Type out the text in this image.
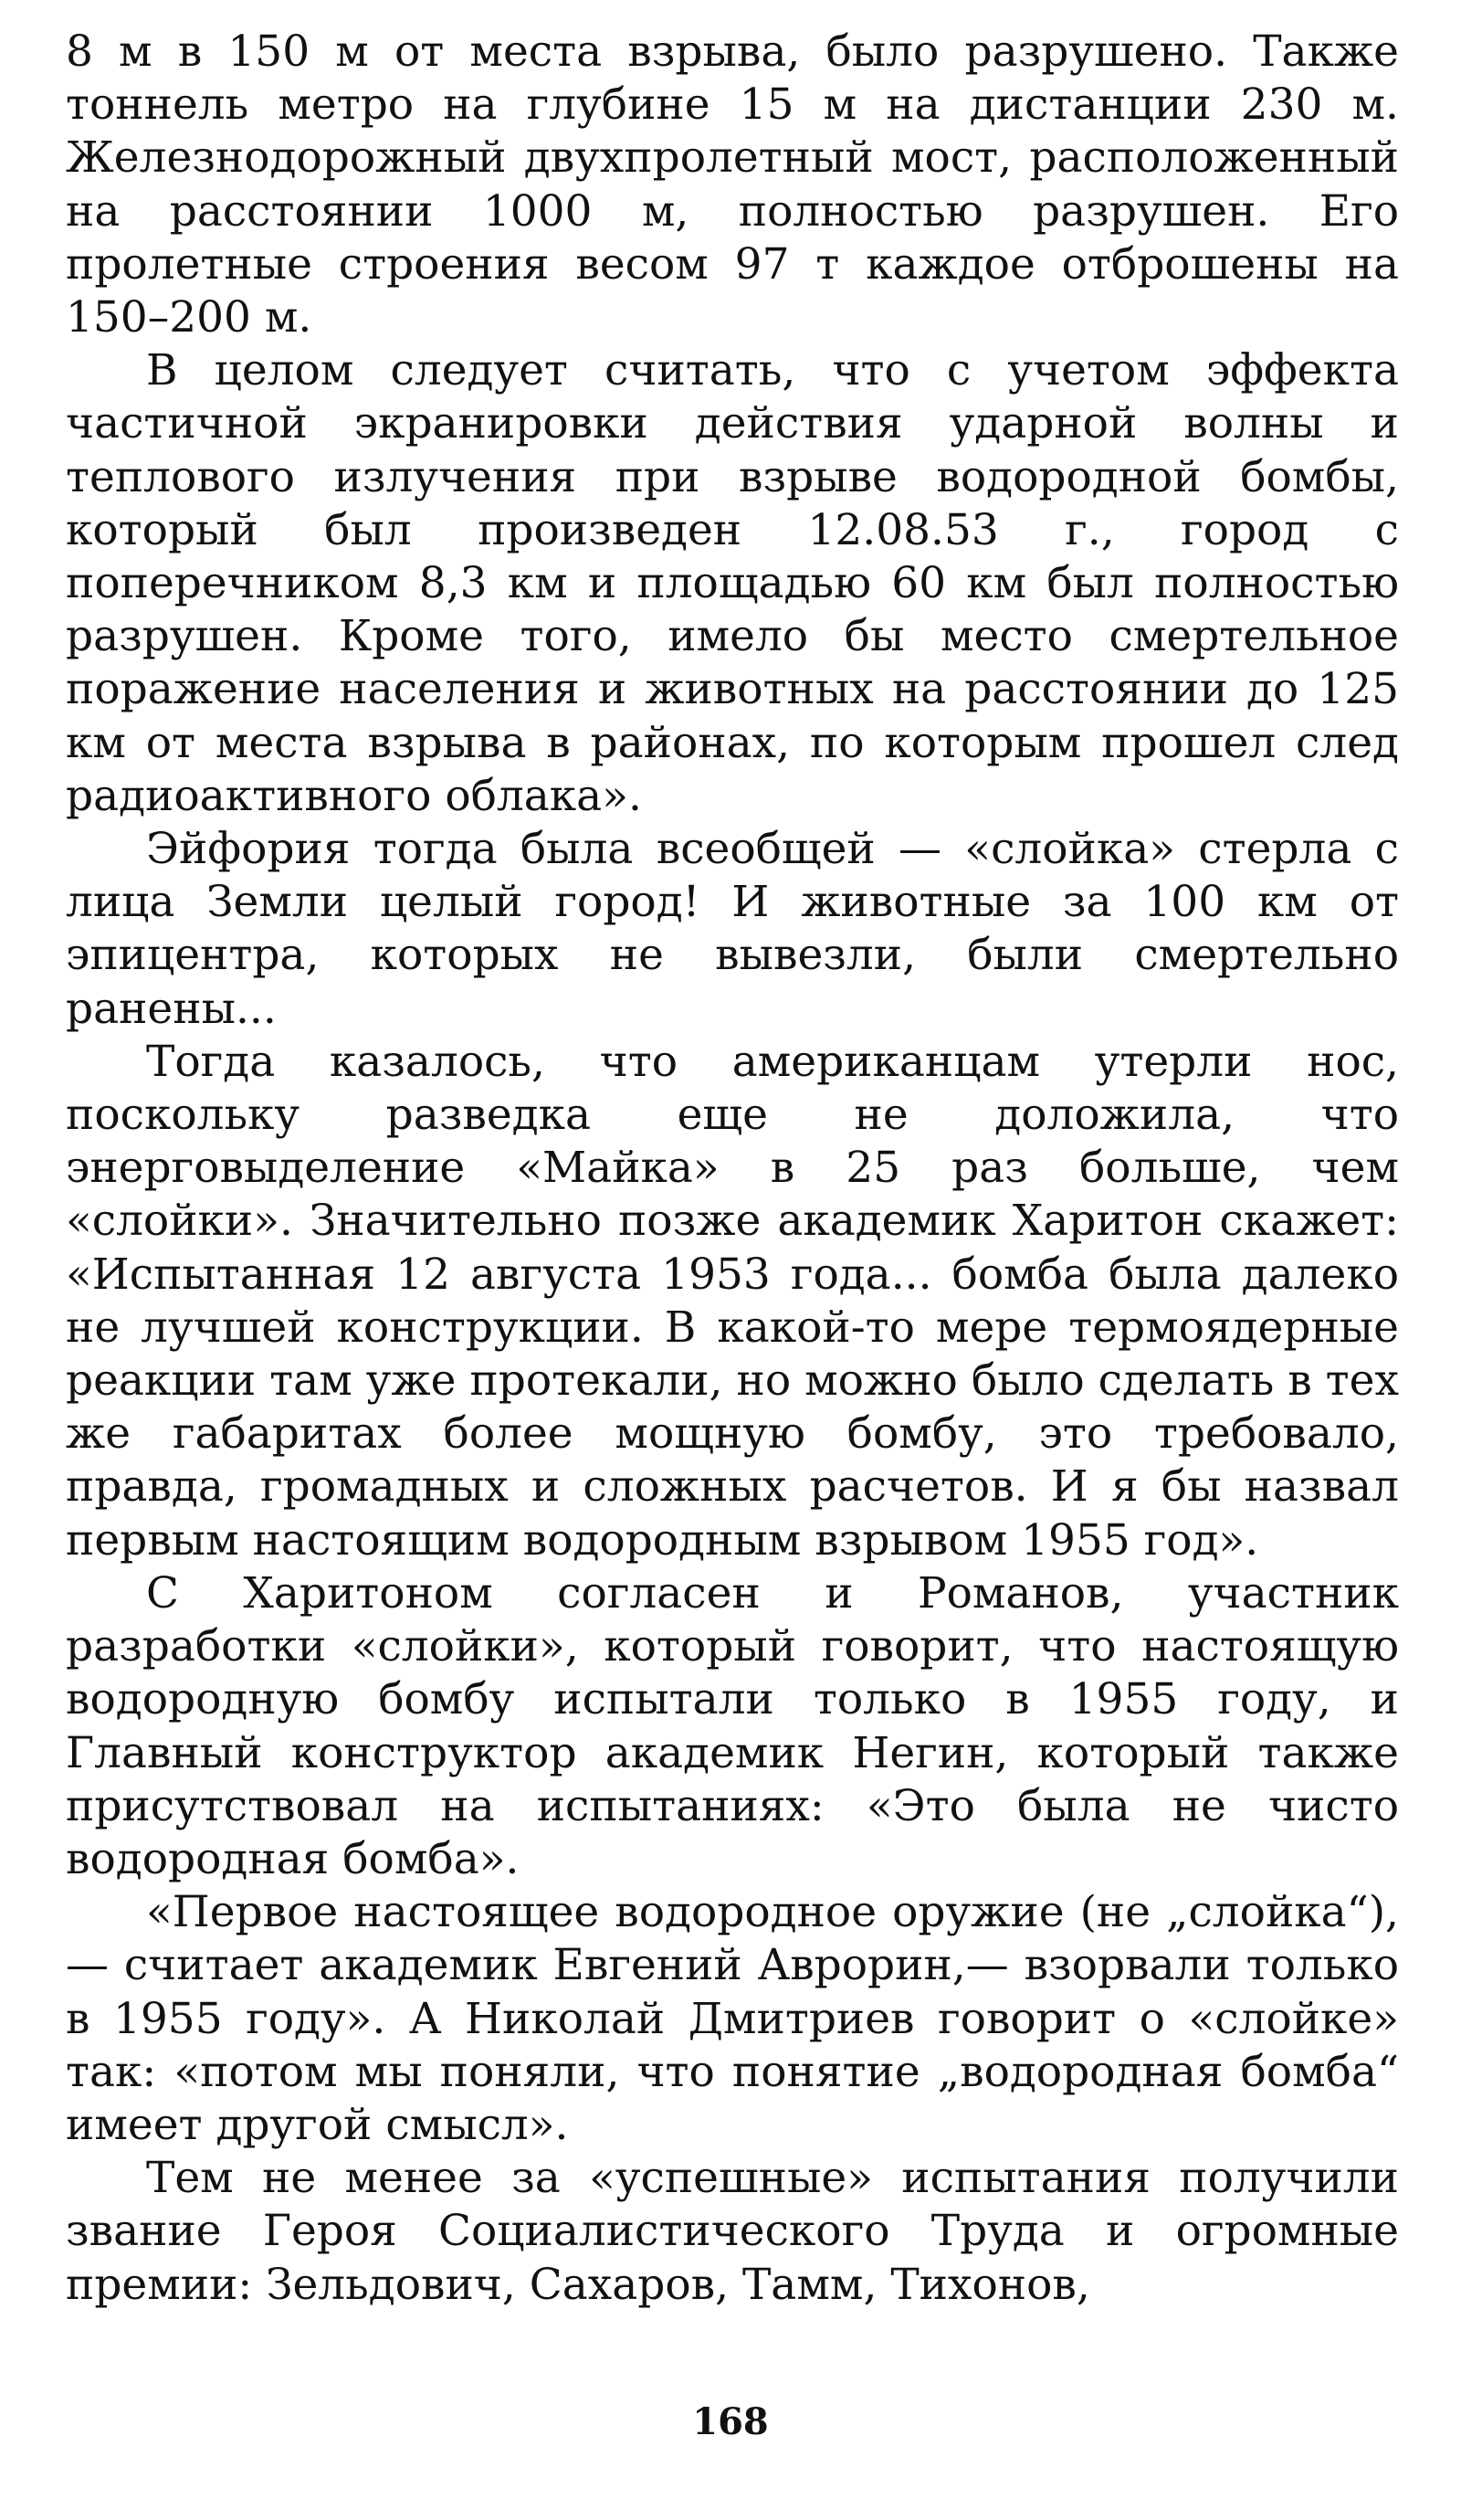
8 м в 150 м от места взрыва, было разрушено. Также тоннель метро на глубине 15 м на дистанции 230 м. Железнодорожный двухпролетный мост, расположенный на расстоянии 1000 м, полностью разрушен. Его пролетные строения весом 97 т каждое отброшены на 150–200 м.

В целом следует считать, что с учетом эффекта частичной экранировки действия ударной волны и теплового излучения при взрыве водородной бомбы, который был произведен 12.08.53 г., город с поперечником 8,3 км и площадью 60 км был полностью разрушен. Кроме того, имело бы место смертельное поражение населения и животных на расстоянии до 125 км от места взрыва в районах, по которым прошел след радиоактивного облака».

Эйфория тогда была всеобщей — «слойка» стерла с лица Земли целый город! И животные за 100 км от эпицентра, которых не вывезли, были смертельно ранены...

Тогда казалось, что американцам утерли нос, поскольку разведка еще не доложила, что энерговыделение «Майка» в 25 раз больше, чем «слойки». Значительно позже академик Харитон скажет: «Испытанная 12 августа 1953 года... бомба была далеко не лучшей конструкции. В какой-то мере термоядерные реакции там уже протекали, но можно было сделать в тех же габаритах более мощную бомбу, это требовало, правда, громадных и сложных расчетов. И я бы назвал первым настоящим водородным взрывом 1955 год».

С Харитоном согласен и Романов, участник разработки «слойки», который говорит, что настоящую водородную бомбу испытали только в 1955 году, и Главный конструктор академик Негин, который также присутствовал на испытаниях: «Это была не чисто водородная бомба».

«Первое настоящее водородное оружие (не „слойка“),— считает академик Евгений Аврорин,— взорвали только в 1955 году». А Николай Дмитриев говорит о «слойке» так: «потом мы поняли, что понятие „водородная бомба“ имеет другой смысл».

Тем не менее за «успешные» испытания получили звание Героя Социалистического Труда и огромные премии: Зельдович, Сахаров, Тамм, Тихонов,

168
